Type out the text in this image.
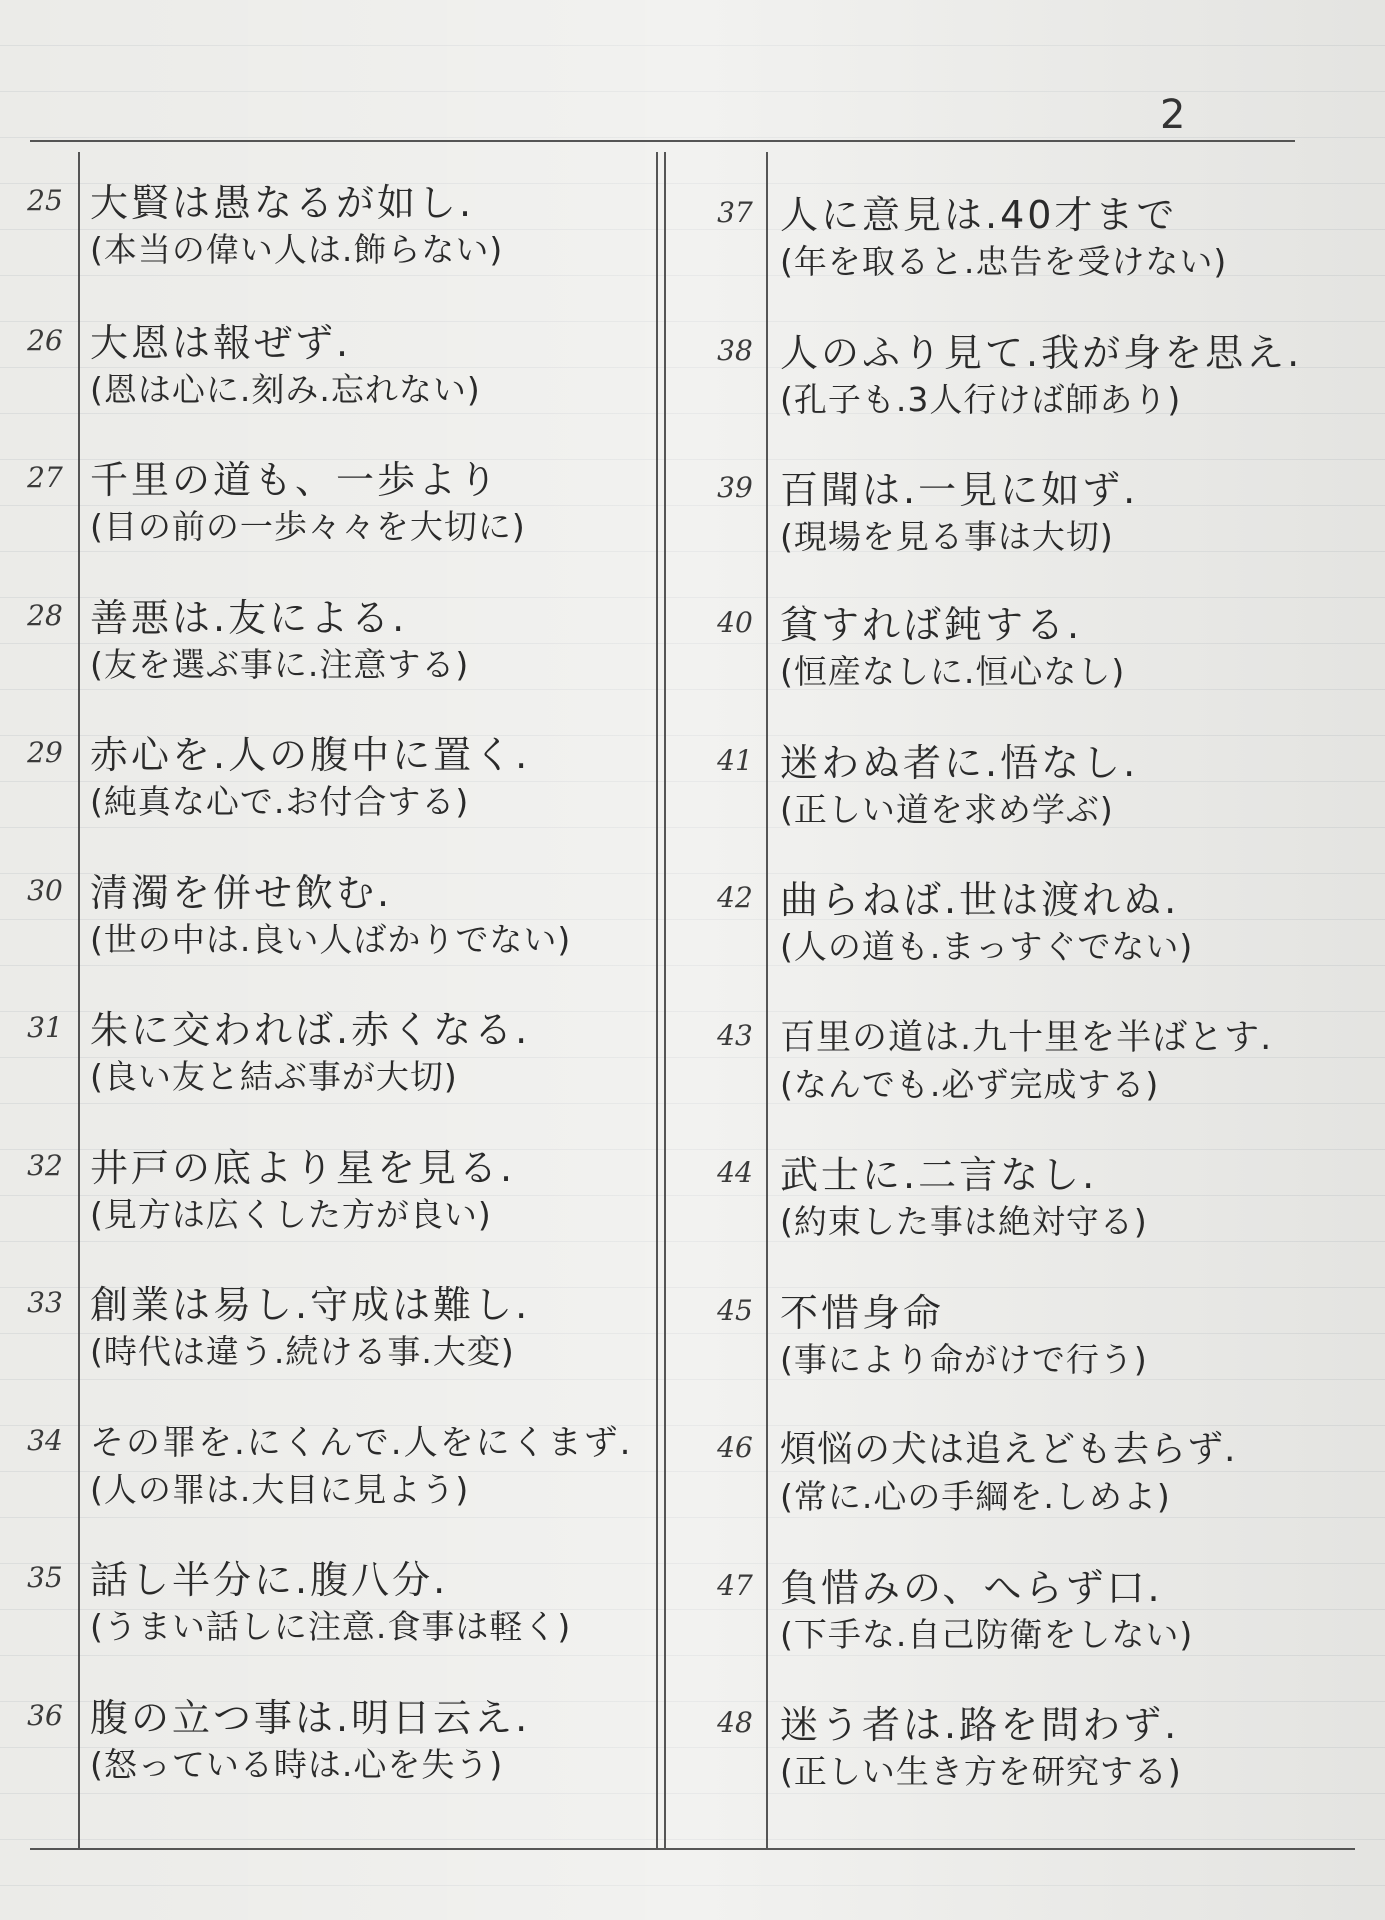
2
25 大賢は愚なるが如し.
(本当の偉い人は.飾らない)
26 大恩は報ぜず.
(恩は心に.刻み.忘れない)
27 千里の道も、一歩より
(目の前の一歩々々を大切に)
28 善悪は.友による.
(友を選ぶ事に.注意する)
29 赤心を.人の腹中に置く.
(純真な心で.お付合する)
30 清濁を併せ飲む.
(世の中は.良い人ばかりでない)
31 朱に交われば.赤くなる.
(良い友と結ぶ事が大切)
32 井戸の底より星を見る.
(見方は広くした方が良い)
33 創業は易し.守成は難し.
(時代は違う.続ける事.大変)
34 その罪を.にくんで.人をにくまず.
(人の罪は.大目に見よう)
35 話し半分に.腹八分.
(うまい話しに注意.食事は軽く)
36 腹の立つ事は.明日云え.
(怒っている時は.心を失う)
37 人に意見は.40才まで
(年を取ると.忠告を受けない)
38 人のふり見て.我が身を思え.
(孔子も.3人行けば師あり)
39 百聞は.一見に如ず.
(現場を見る事は大切)
40 貧すれば鈍する.
(恒産なしに.恒心なし)
41 迷わぬ者に.悟なし.
(正しい道を求め学ぶ)
42 曲らねば.世は渡れぬ.
(人の道も.まっすぐでない)
43 百里の道は.九十里を半ばとす.
(なんでも.必ず完成する)
44 武士に.二言なし.
(約束した事は絶対守る)
45 不惜身命
(事により命がけで行う)
46 煩悩の犬は追えども去らず.
(常に.心の手綱を.しめよ)
47 負惜みの、へらず口.
(下手な.自己防衛をしない)
48 迷う者は.路を問わず.
(正しい生き方を研究する)
